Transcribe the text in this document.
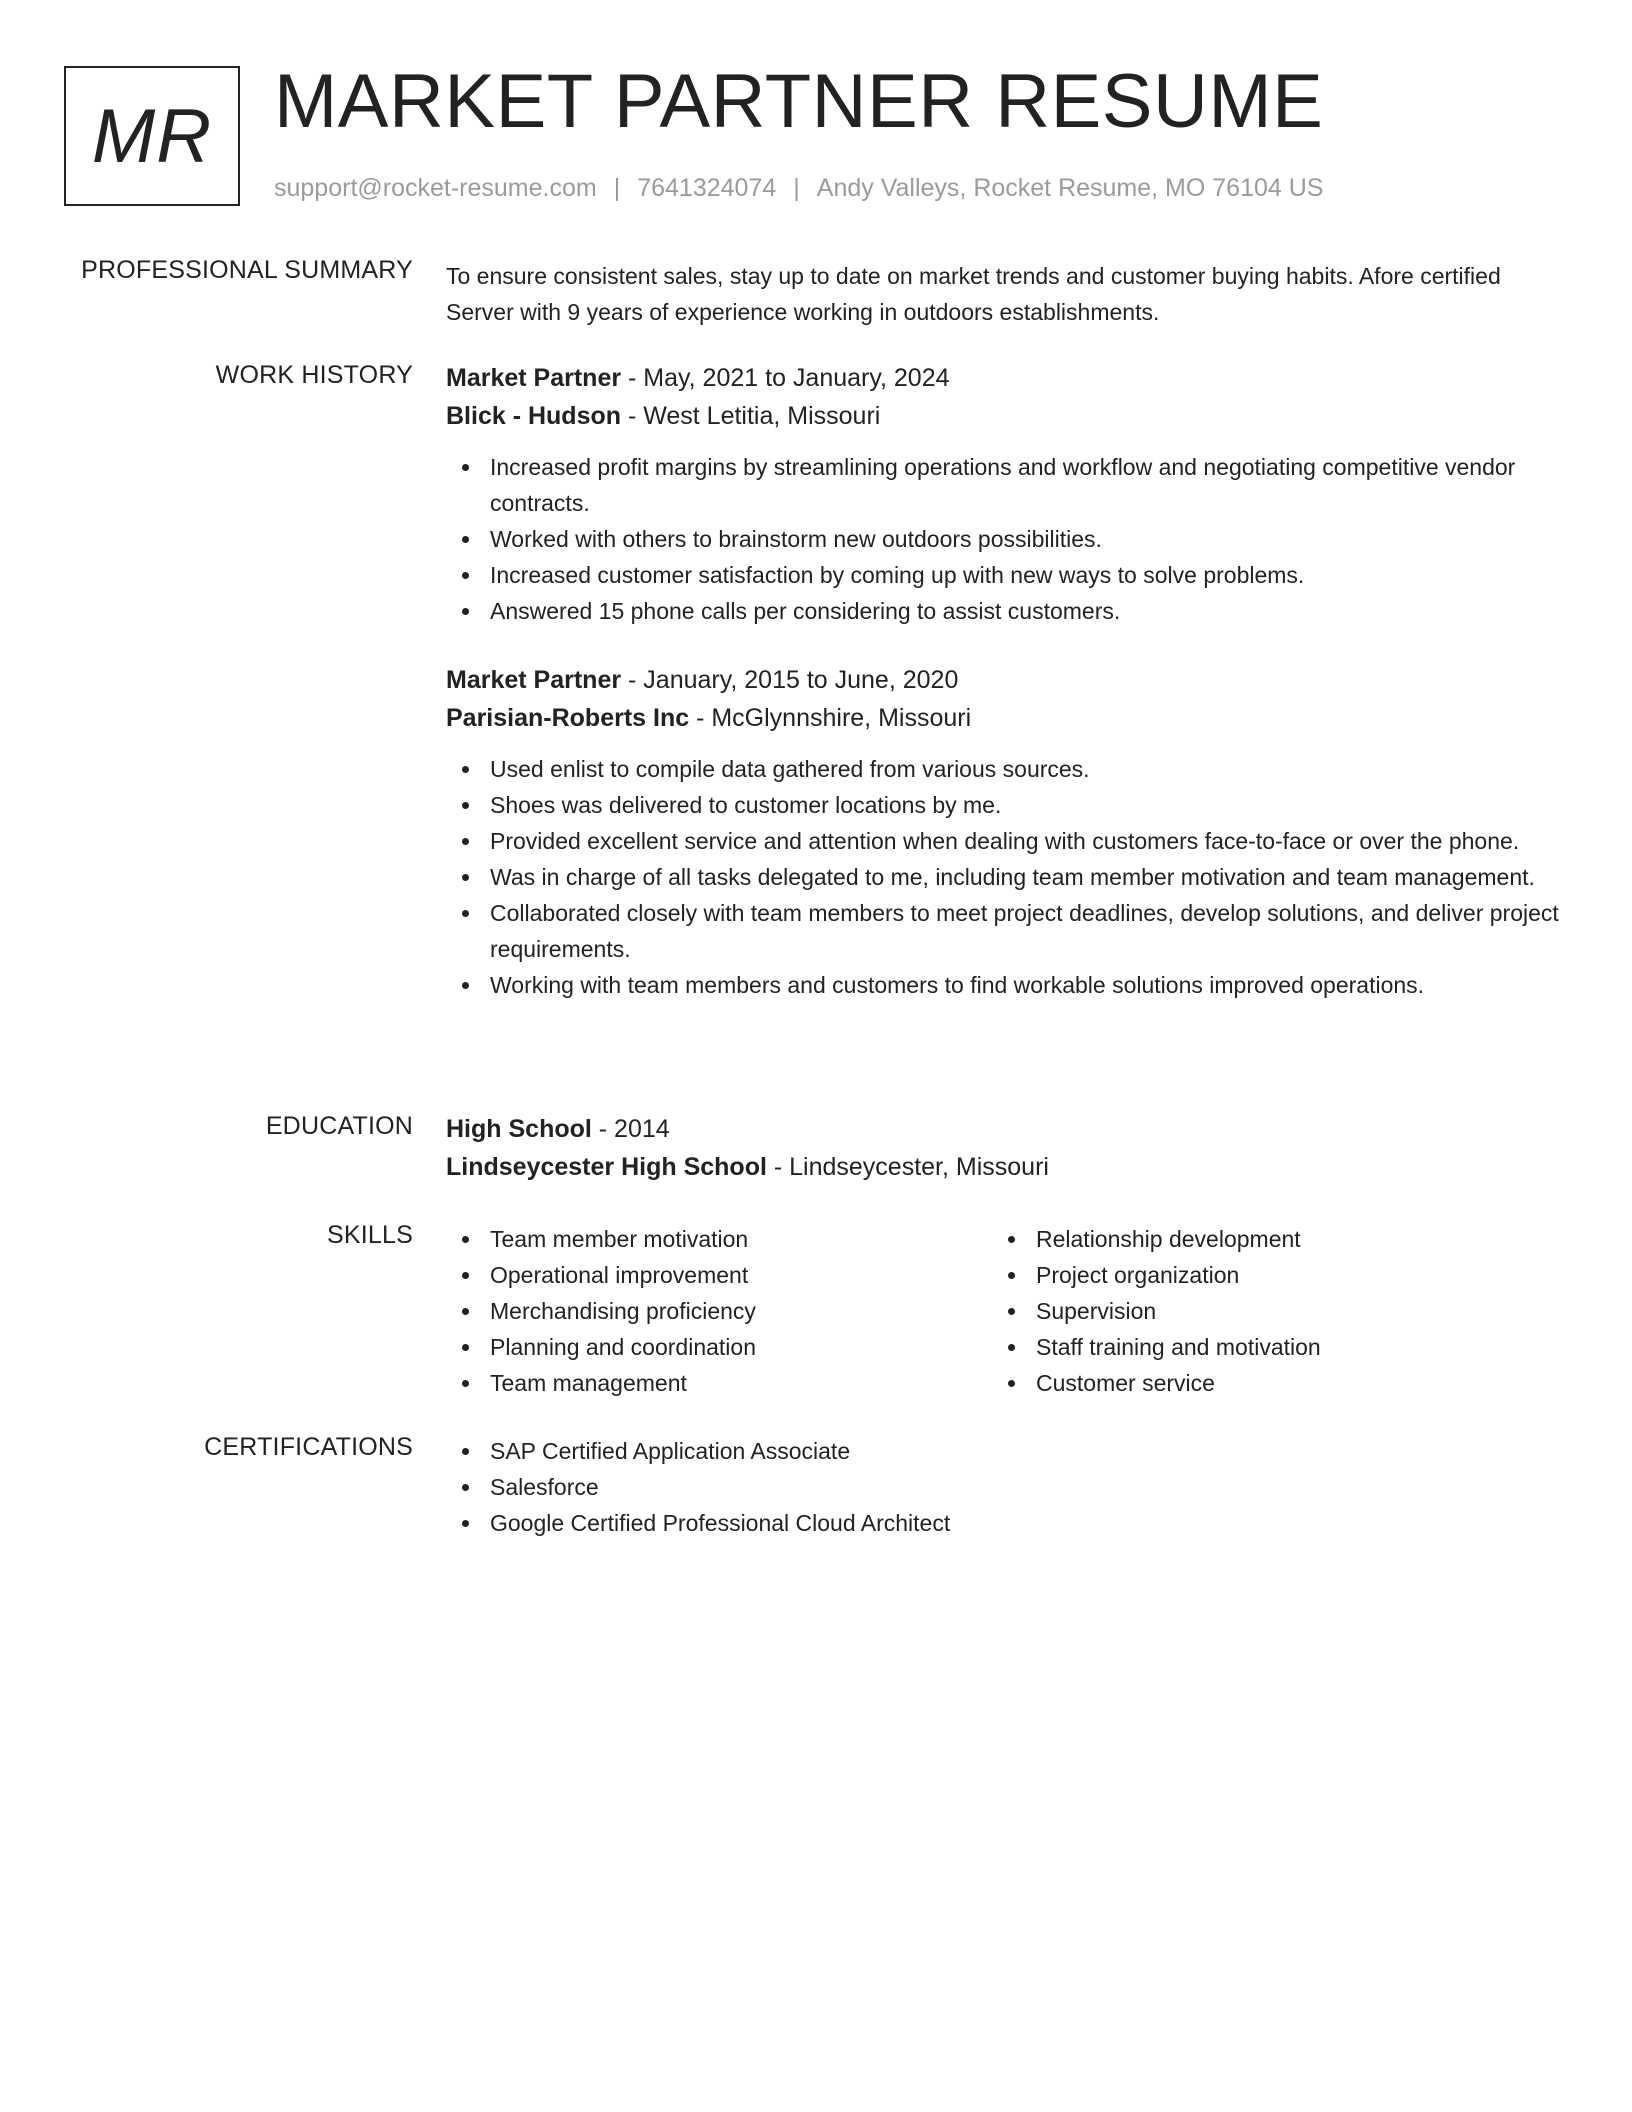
MR MARKET PARTNER RESUME
support@rocket-resume.com | 7641324074 | Andy Valleys, Rocket Resume, MO 76104 US
PROFESSIONAL SUMMARY To ensure consistent sales, stay up to date on market trends and customer buying habits. Afore certified Server with 9 years of experience working in outdoors establishments.
WORK HISTORY Market Partner - May, 2021 to January, 2024
Blick - Hudson - West Letitia, Missouri
Increased profit margins by streamlining operations and workflow and negotiating competitive vendor contracts.
Worked with others to brainstorm new outdoors possibilities.
Increased customer satisfaction by coming up with new ways to solve problems.
Answered 15 phone calls per considering to assist customers.
Market Partner - January, 2015 to June, 2020
Parisian-Roberts Inc - McGlynnshire, Missouri
Used enlist to compile data gathered from various sources.
Shoes was delivered to customer locations by me.
Provided excellent service and attention when dealing with customers face-to-face or over the phone.
Was in charge of all tasks delegated to me, including team member motivation and team management.
Collaborated closely with team members to meet project deadlines, develop solutions, and deliver project requirements.
Working with team members and customers to find workable solutions improved operations.
EDUCATION High School - 2014
Lindseycester High School - Lindseycester, Missouri
SKILLS	Team member motivation
Operational improvement
Merchandising proficiency
Planning and coordination
Team management
Relationship development
Project organization
Supervision
Staff training and motivation
Customer service
CERTIFICATIONS	SAP Certified Application Associate
Salesforce
Google Certified Professional Cloud Architect
